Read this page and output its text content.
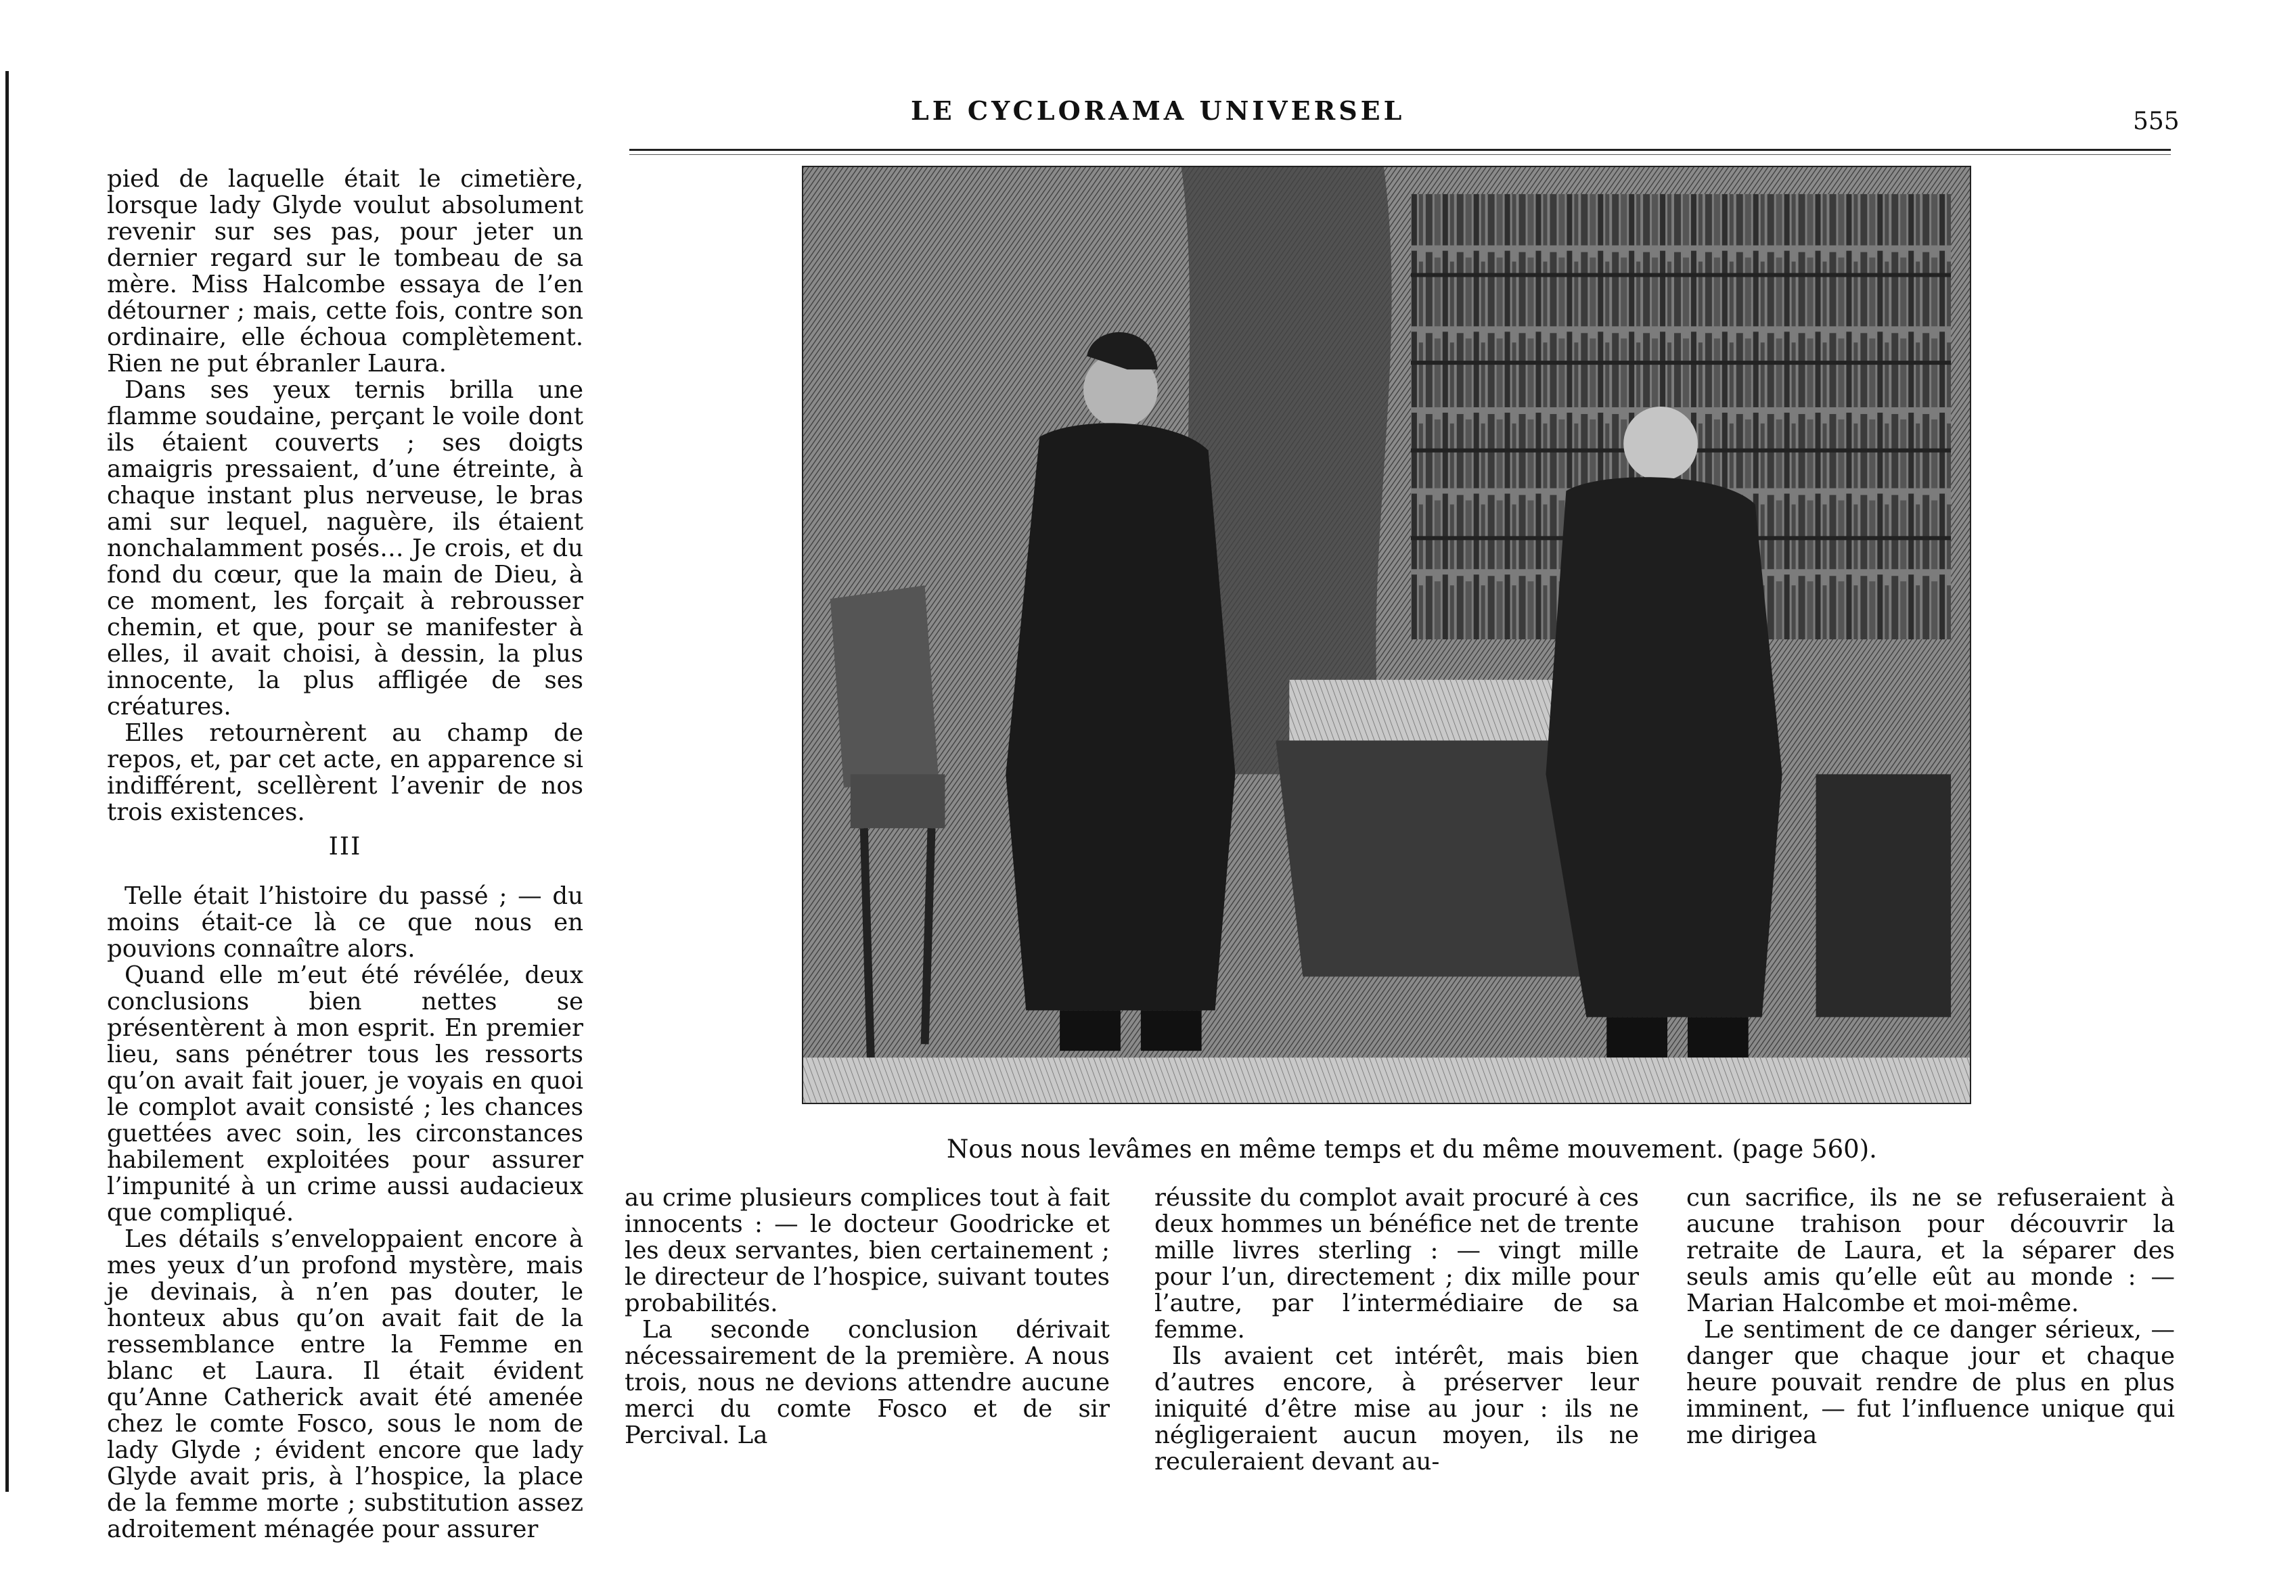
LE CYCLORAMA UNIVERSEL	555

pied de laquelle était le cimetière, lorsque lady Glyde voulut absolument revenir sur ses pas, pour jeter un dernier regard sur le tombeau de sa mère. Miss Halcombe essaya de l’en détourner ; mais, cette fois, contre son ordinaire, elle échoua complètement. Rien ne put ébranler Laura.

Dans ses yeux ternis brilla une flamme soudaine, perçant le voile dont ils étaient couverts ; ses doigts amaigris pressaient, d’une étreinte, à chaque instant plus nerveuse, le bras ami sur lequel, naguère, ils étaient nonchalamment posés… Je crois, et du fond du cœur, que la main de Dieu, à ce moment, les forçait à rebrousser chemin, et que, pour se manifester à elles, il avait choisi, à dessin, la plus innocente, la plus affligée de ses créatures.

Elles retournèrent au champ de repos, et, par cet acte, en apparence si indifférent, scellèrent l’avenir de nos trois existences.

III

Telle était l’histoire du passé ; — du moins était-ce là ce que nous en pouvions connaître alors.

Quand elle m’eut été révélée, deux conclusions bien nettes se présentèrent à mon esprit. En premier lieu, sans pénétrer tous les ressorts qu’on avait fait jouer, je voyais en quoi le complot avait consisté ; les chances guettées avec soin, les circonstances habilement exploitées pour assurer l’impunité à un crime aussi audacieux que compliqué.

Les détails s’enveloppaient encore à mes yeux d’un profond mystère, mais je devinais, à n’en pas douter, le honteux abus qu’on avait fait de la ressemblance entre la Femme en blanc et Laura. Il était évident qu’Anne Catherick avait été amenée chez le comte Fosco, sous le nom de lady Glyde ; évident encore que lady Glyde avait pris, à l’hospice, la place de la femme morte ; substitution assez adroitement ménagée pour assurer

Nous nous levâmes en même temps et du même mouvement. (page 560).

au crime plusieurs complices tout à fait innocents : — le docteur Goodricke et les deux servantes, bien certainement ; le directeur de l’hospice, suivant toutes probabilités.

La seconde conclusion dérivait nécessairement de la première. A nous trois, nous ne devions attendre aucune merci du comte Fosco et de sir Percival. La

réussite du complot avait procuré à ces deux hommes un bénéfice net de trente mille livres sterling : — vingt mille pour l’un, directement ; dix mille pour l’autre, par l’intermédiaire de sa femme.

Ils avaient cet intérêt, mais bien d’autres encore, à préserver leur iniquité d’être mise au jour : ils ne négligeraient aucun moyen, ils ne reculeraient devant au-

cun sacrifice, ils ne se refuseraient à aucune trahison pour découvrir la retraite de Laura, et la séparer des seuls amis qu’elle eût au monde : — Marian Halcombe et moi-même.

Le sentiment de ce danger sérieux, — danger que chaque jour et chaque heure pouvait rendre de plus en plus imminent, — fut l’influence unique qui me dirigea
